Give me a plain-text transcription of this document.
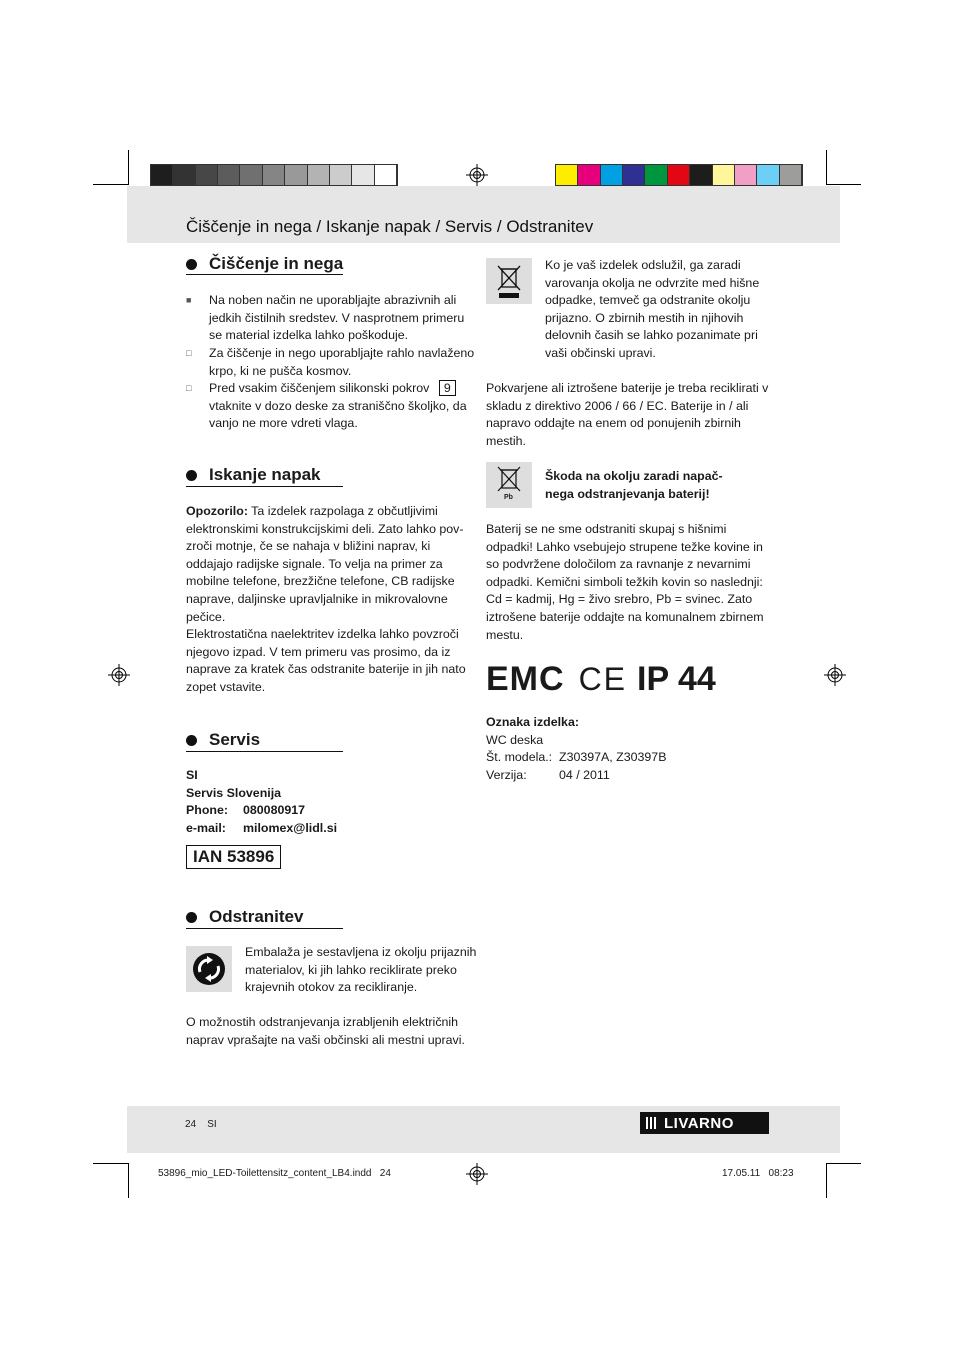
Čiščenje in nega / Iskanje napak / Servis / Odstranitev
Čiščenje in nega
■ Na noben način ne uporabljajte abrazivnih ali
jedkih čistilnih sredstev. V nasprotnem primeru
se material izdelka lahko poškoduje.
□ Za čiščenje in nego uporabljajte rahlo navlaženo
krpo, ki ne pušča kosmov.
□ Pred vsakim čiščenjem silikonski pokrov 9
vtaknite v dozo deske za straniščno školjko, da
vanjo ne more vdreti vlaga.
Iskanje napak
Opozorilo: Ta izdelek razpolaga z občutljivimi
elektronskimi konstrukcijskimi deli. Zato lahko pov-
zroči motnje, če se nahaja v bližini naprav, ki
oddajajo radijske signale. To velja na primer za
mobilne telefone, brezžične telefone, CB radijske
naprave, daljinske upravljalnike in mikrovalovne
pečice.
Elektrostatična naelektritev izdelka lahko povzroči
njegovo izpad. V tem primeru vas prosimo, da iz
naprave za kratek čas odstranite baterije in jih nato
zopet vstavite.
Servis
SI
Servis Slovenija
Phone: 080080917
e-mail: milomex@lidl.si
IAN 53896
Odstranitev
Embalaža je sestavljena iz okolju prijaznih
materialov, ki jih lahko reciklirate preko
krajevnih otokov za recikliranje.
O možnostih odstranjevanja izrabljenih električnih
naprav vprašajte na vaši občinski ali mestni upravi.
Ko je vaš izdelek odslužil, ga zaradi
varovanja okolja ne odvrzite med hišne
odpadke, temveč ga odstranite okolju
prijazno. O zbirnih mestih in njihovih
delovnih časih se lahko pozanimate pri
vaši občinski upravi.
Pokvarjene ali iztrošene baterije je treba reciklirati v
skladu z direktivo 2006 / 66 / EC. Baterije in / ali
napravo oddajte na enem od ponujenih zbirnih
mestih.
Pb
Škoda na okolju zaradi napač-
nega odstranjevanja baterij!
Baterij se ne sme odstraniti skupaj s hišnimi
odpadki! Lahko vsebujejo strupene težke kovine in
so podvržene določilom za ravnanje z nevarnimi
odpadki. Kemični simboli težkih kovin so naslednji:
Cd = kadmij, Hg = živo srebro, Pb = svinec. Zato
iztrošene baterije oddajte na komunalnem zbirnem
mestu.
EMC CE IP 44
Oznaka izdelka:
WC deska
Št. modela.: Z30397A, Z30397B
Verzija:	04 / 2011
24 SI	LIVARNO
53896_mio_LED-Toilettensitz_content_LB4.indd   24	17.05.11   08:23
